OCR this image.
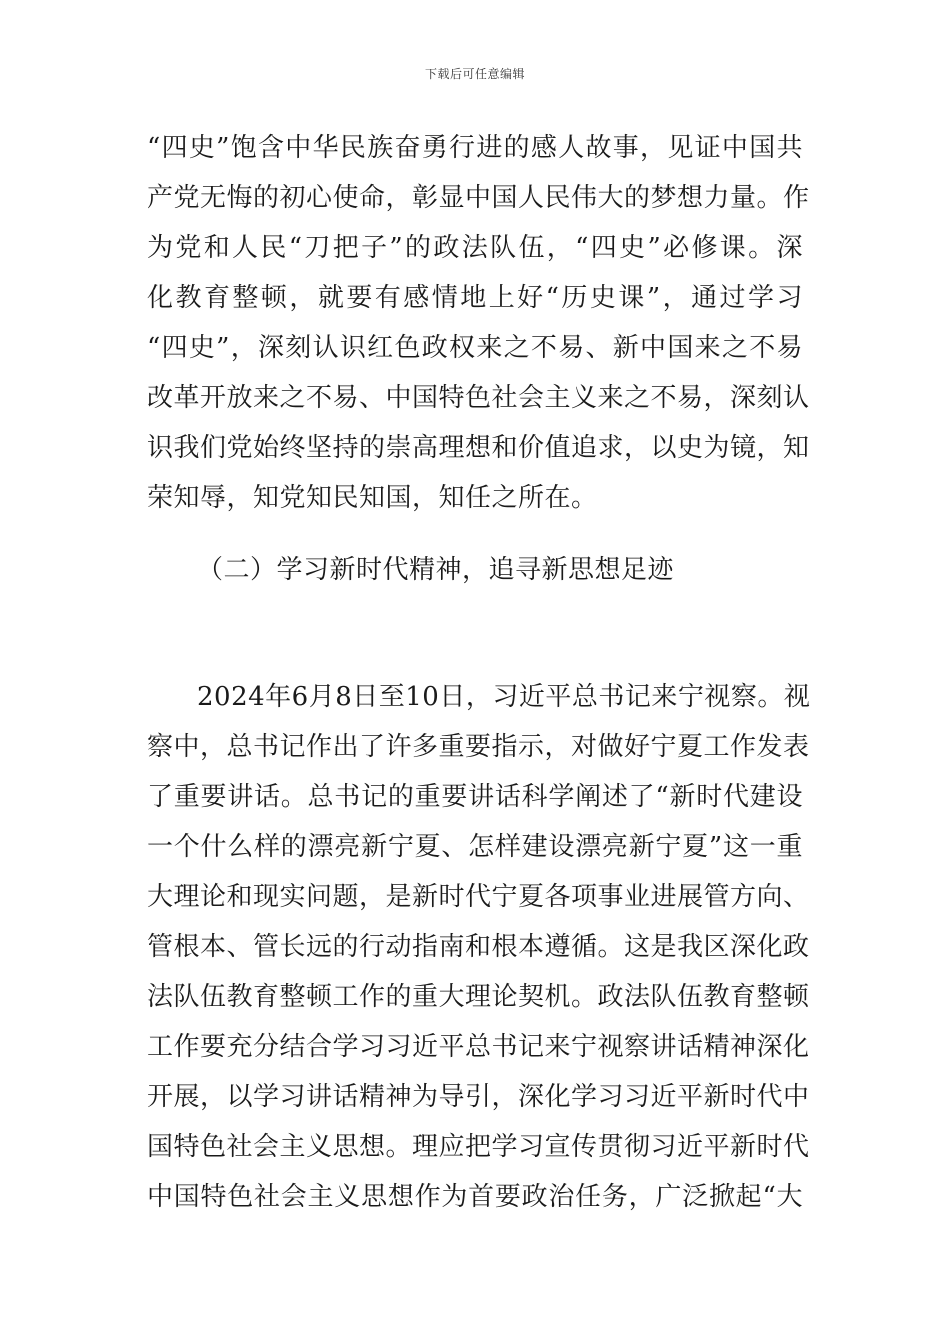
下载后可任意编辑
“四史”饱含中华民族奋勇行进的感人故事，见证中国共
产党无悔的初心使命，彰显中国人民伟大的梦想力量。作
为党和人民“刀把子”的政法队伍，“四史”必修课。深
化教育整顿，就要有感情地上好“历史课”，通过学习
“四史”，深刻认识红色政权来之不易、新中国来之不易
改革开放来之不易、中国特色社会主义来之不易，深刻认
识我们党始终坚持的崇高理想和价值追求，以史为镜，知
荣知辱，知党知民知国，知任之所在。
（二）学习新时代精神，追寻新思想足迹
2024年6月8日至10日，习近平总书记来宁视察。视
察中，总书记作出了许多重要指示，对做好宁夏工作发表
了重要讲话。总书记的重要讲话科学阐述了“新时代建设
一个什么样的漂亮新宁夏、怎样建设漂亮新宁夏”这一重
大理论和现实问题，是新时代宁夏各项事业进展管方向、
管根本、管长远的行动指南和根本遵循。这是我区深化政
法队伍教育整顿工作的重大理论契机。政法队伍教育整顿
工作要充分结合学习习近平总书记来宁视察讲话精神深化
开展，以学习讲话精神为导引，深化学习习近平新时代中
国特色社会主义思想。理应把学习宣传贯彻习近平新时代
中国特色社会主义思想作为首要政治任务，广泛掀起“大
